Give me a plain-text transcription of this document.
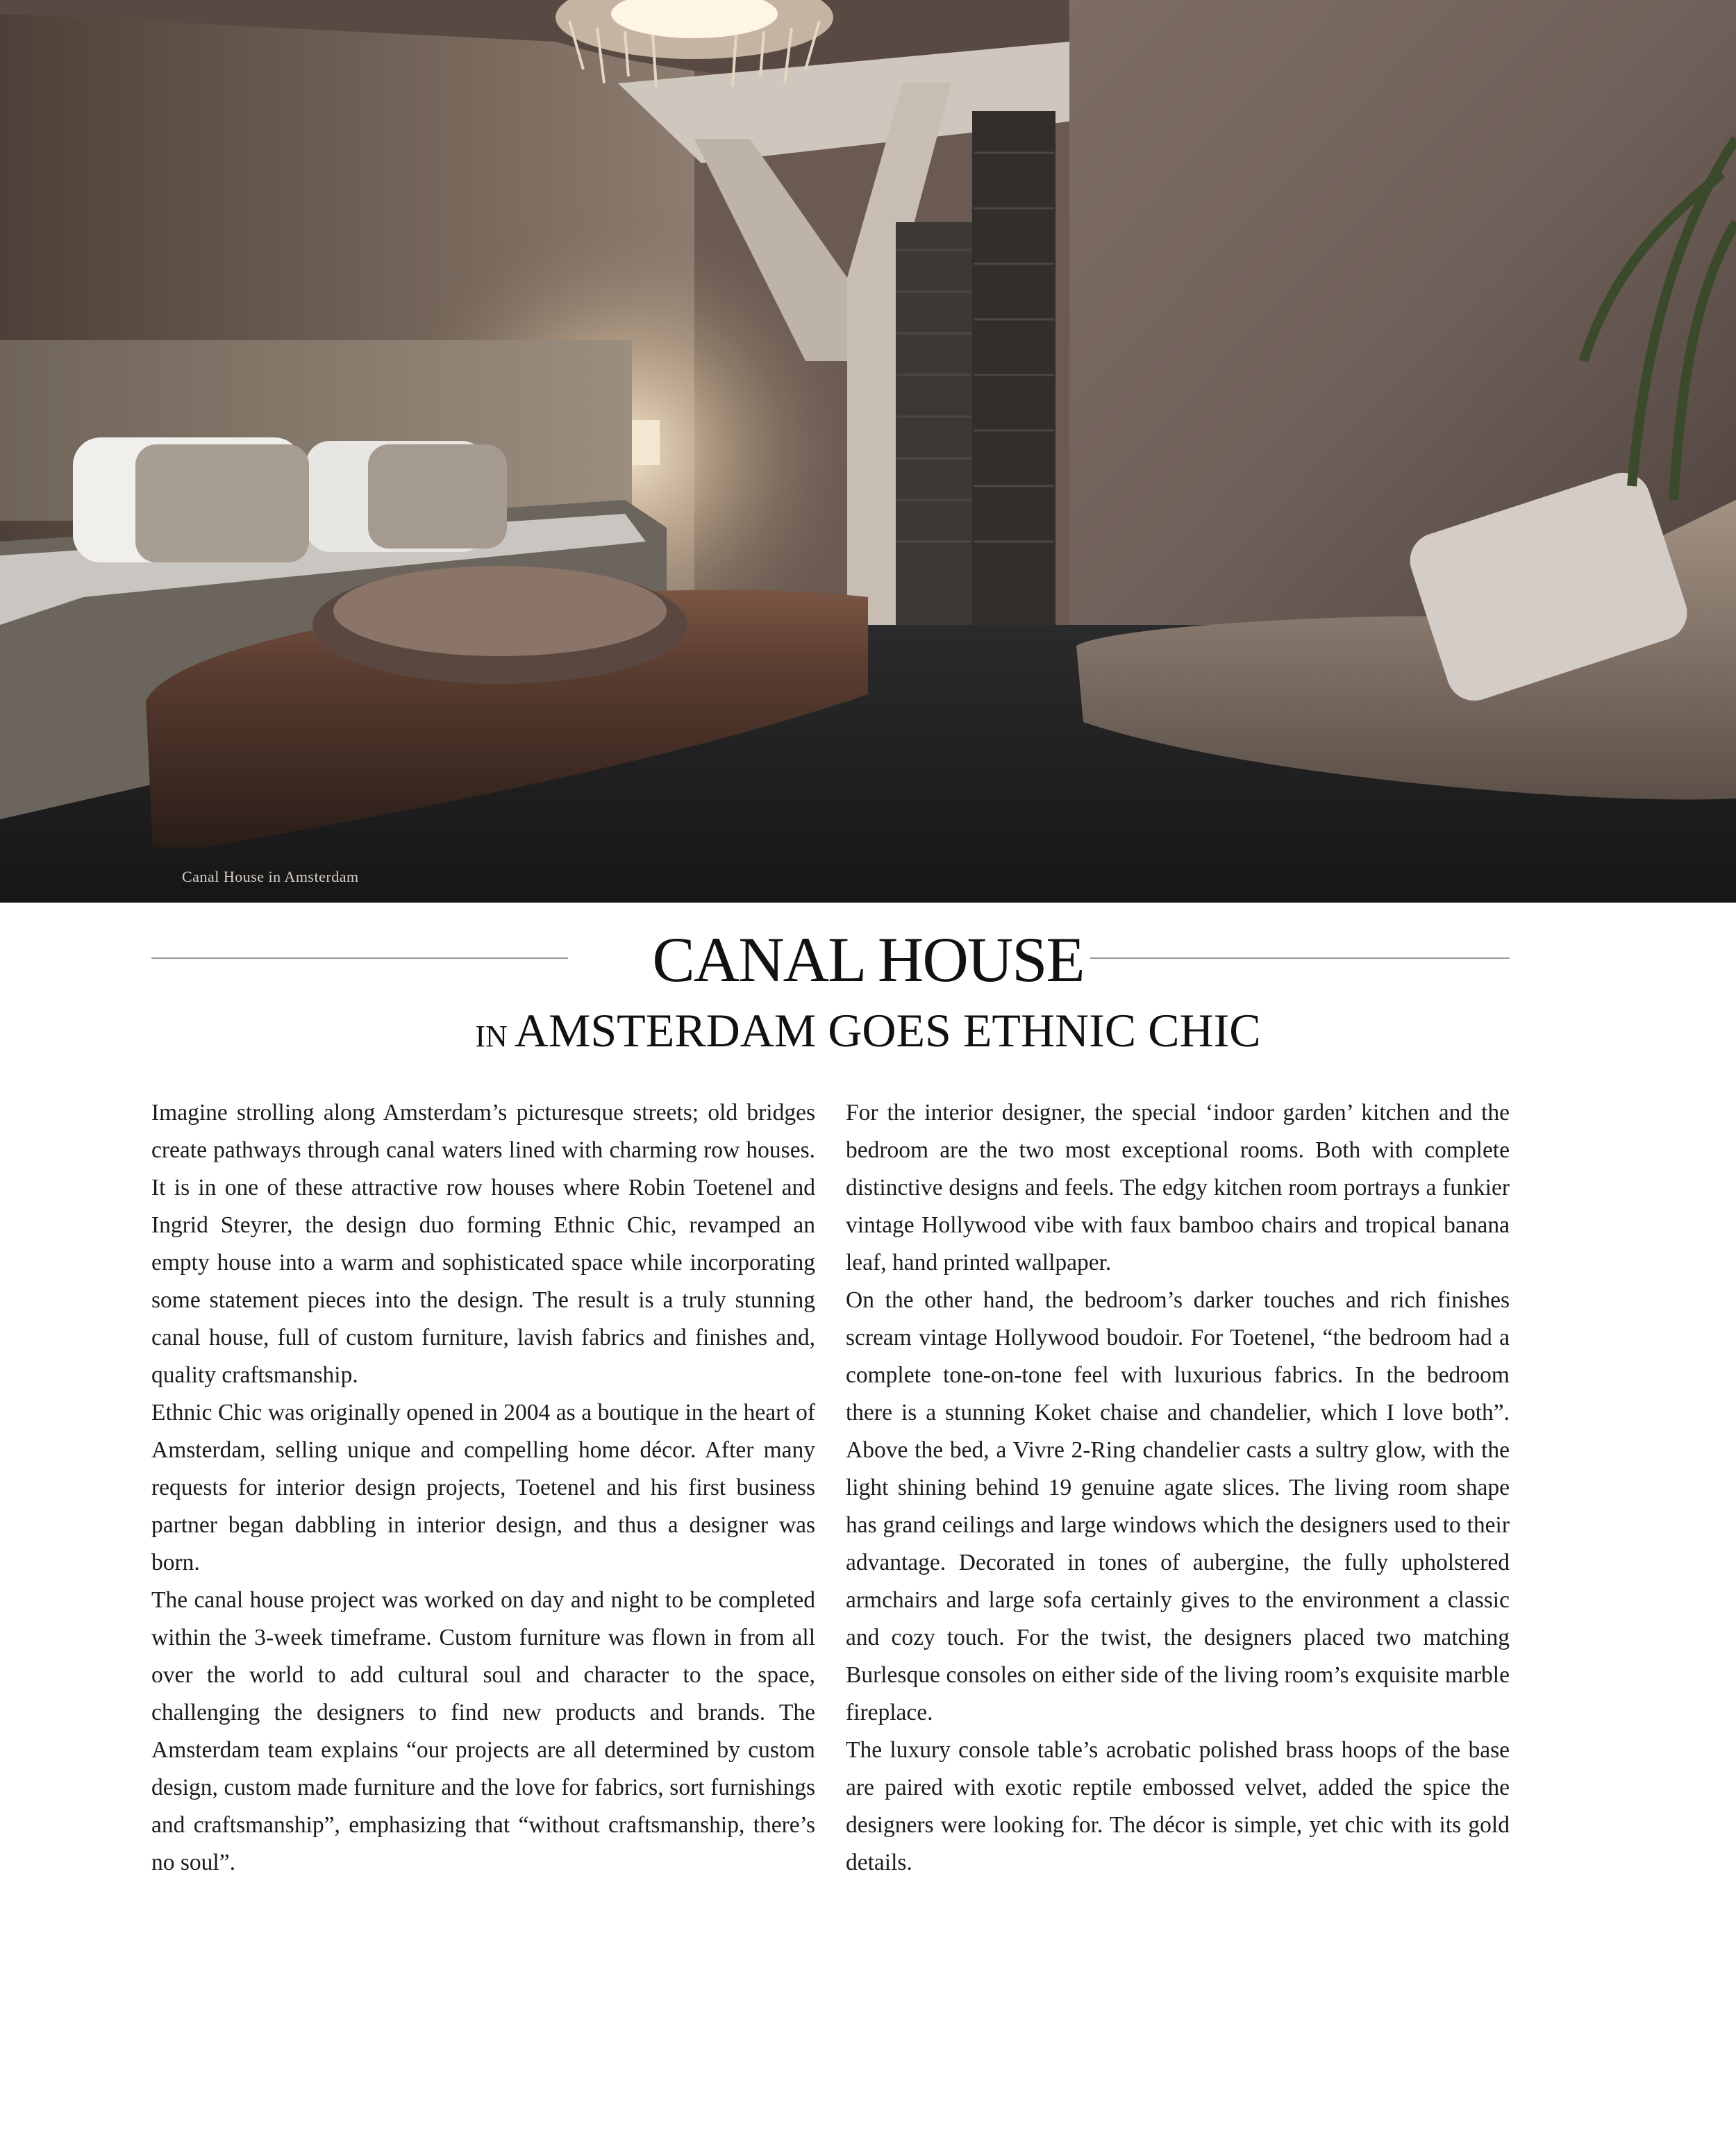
Canal House in Amsterdam
CANAL HOUSE
IN AMSTERDAM GOES ETHNIC CHIC

Imagine strolling along Amsterdam’s picturesque streets; old bridges create pathways through canal waters lined with charming row houses. It is in one of these attractive row houses where Robin Toetenel and Ingrid Steyrer, the design duo forming Ethnic Chic, revamped an empty house into a warm and sophisticated space while incorporating some statement pieces into the design. The result is a truly stunning canal house, full of custom furniture, lavish fabrics and finishes and, quality craftsmanship.

Ethnic Chic was originally opened in 2004 as a boutique in the heart of Amsterdam, selling unique and compelling home décor. After many requests for interior design projects, Toetenel and his first business partner began dabbling in interior design, and thus a designer was born.

The canal house project was worked on day and night to be completed within the 3-week timeframe. Custom furniture was flown in from all over the world to add cultural soul and character to the space, challenging the designers to find new products and brands. The Amsterdam team explains “our projects are all determined by custom design, custom made furniture and the love for fabrics, sort furnishings and craftsmanship”, emphasizing that “without craftsmanship, there’s no soul”.

For the interior designer, the special ‘indoor garden’ kitchen and the bedroom are the two most exceptional rooms. Both with complete distinctive designs and feels. The edgy kitchen room portrays a funkier vintage Hollywood vibe with faux bamboo chairs and tropical banana leaf, hand printed wallpaper.

On the other hand, the bedroom’s darker touches and rich finishes scream vintage Hollywood boudoir. For Toetenel, “the bedroom had a complete tone-on-tone feel with luxurious fabrics. In the bedroom there is a stunning Koket chaise and chandelier, which I love both”. Above the bed, a Vivre 2-Ring chandelier casts a sultry glow, with the light shining behind 19 genuine agate slices. The living room shape has grand ceilings and large windows which the designers used to their advantage. Decorated in tones of aubergine, the fully upholstered armchairs and large sofa certainly gives to the environment a classic and cozy touch. For the twist, the designers placed two matching Burlesque consoles on either side of the living room’s exquisite marble fireplace.

The luxury console table’s acrobatic polished brass hoops of the base are paired with exotic reptile embossed velvet, added the spice the designers were looking for. The décor is simple, yet chic with its gold details.
